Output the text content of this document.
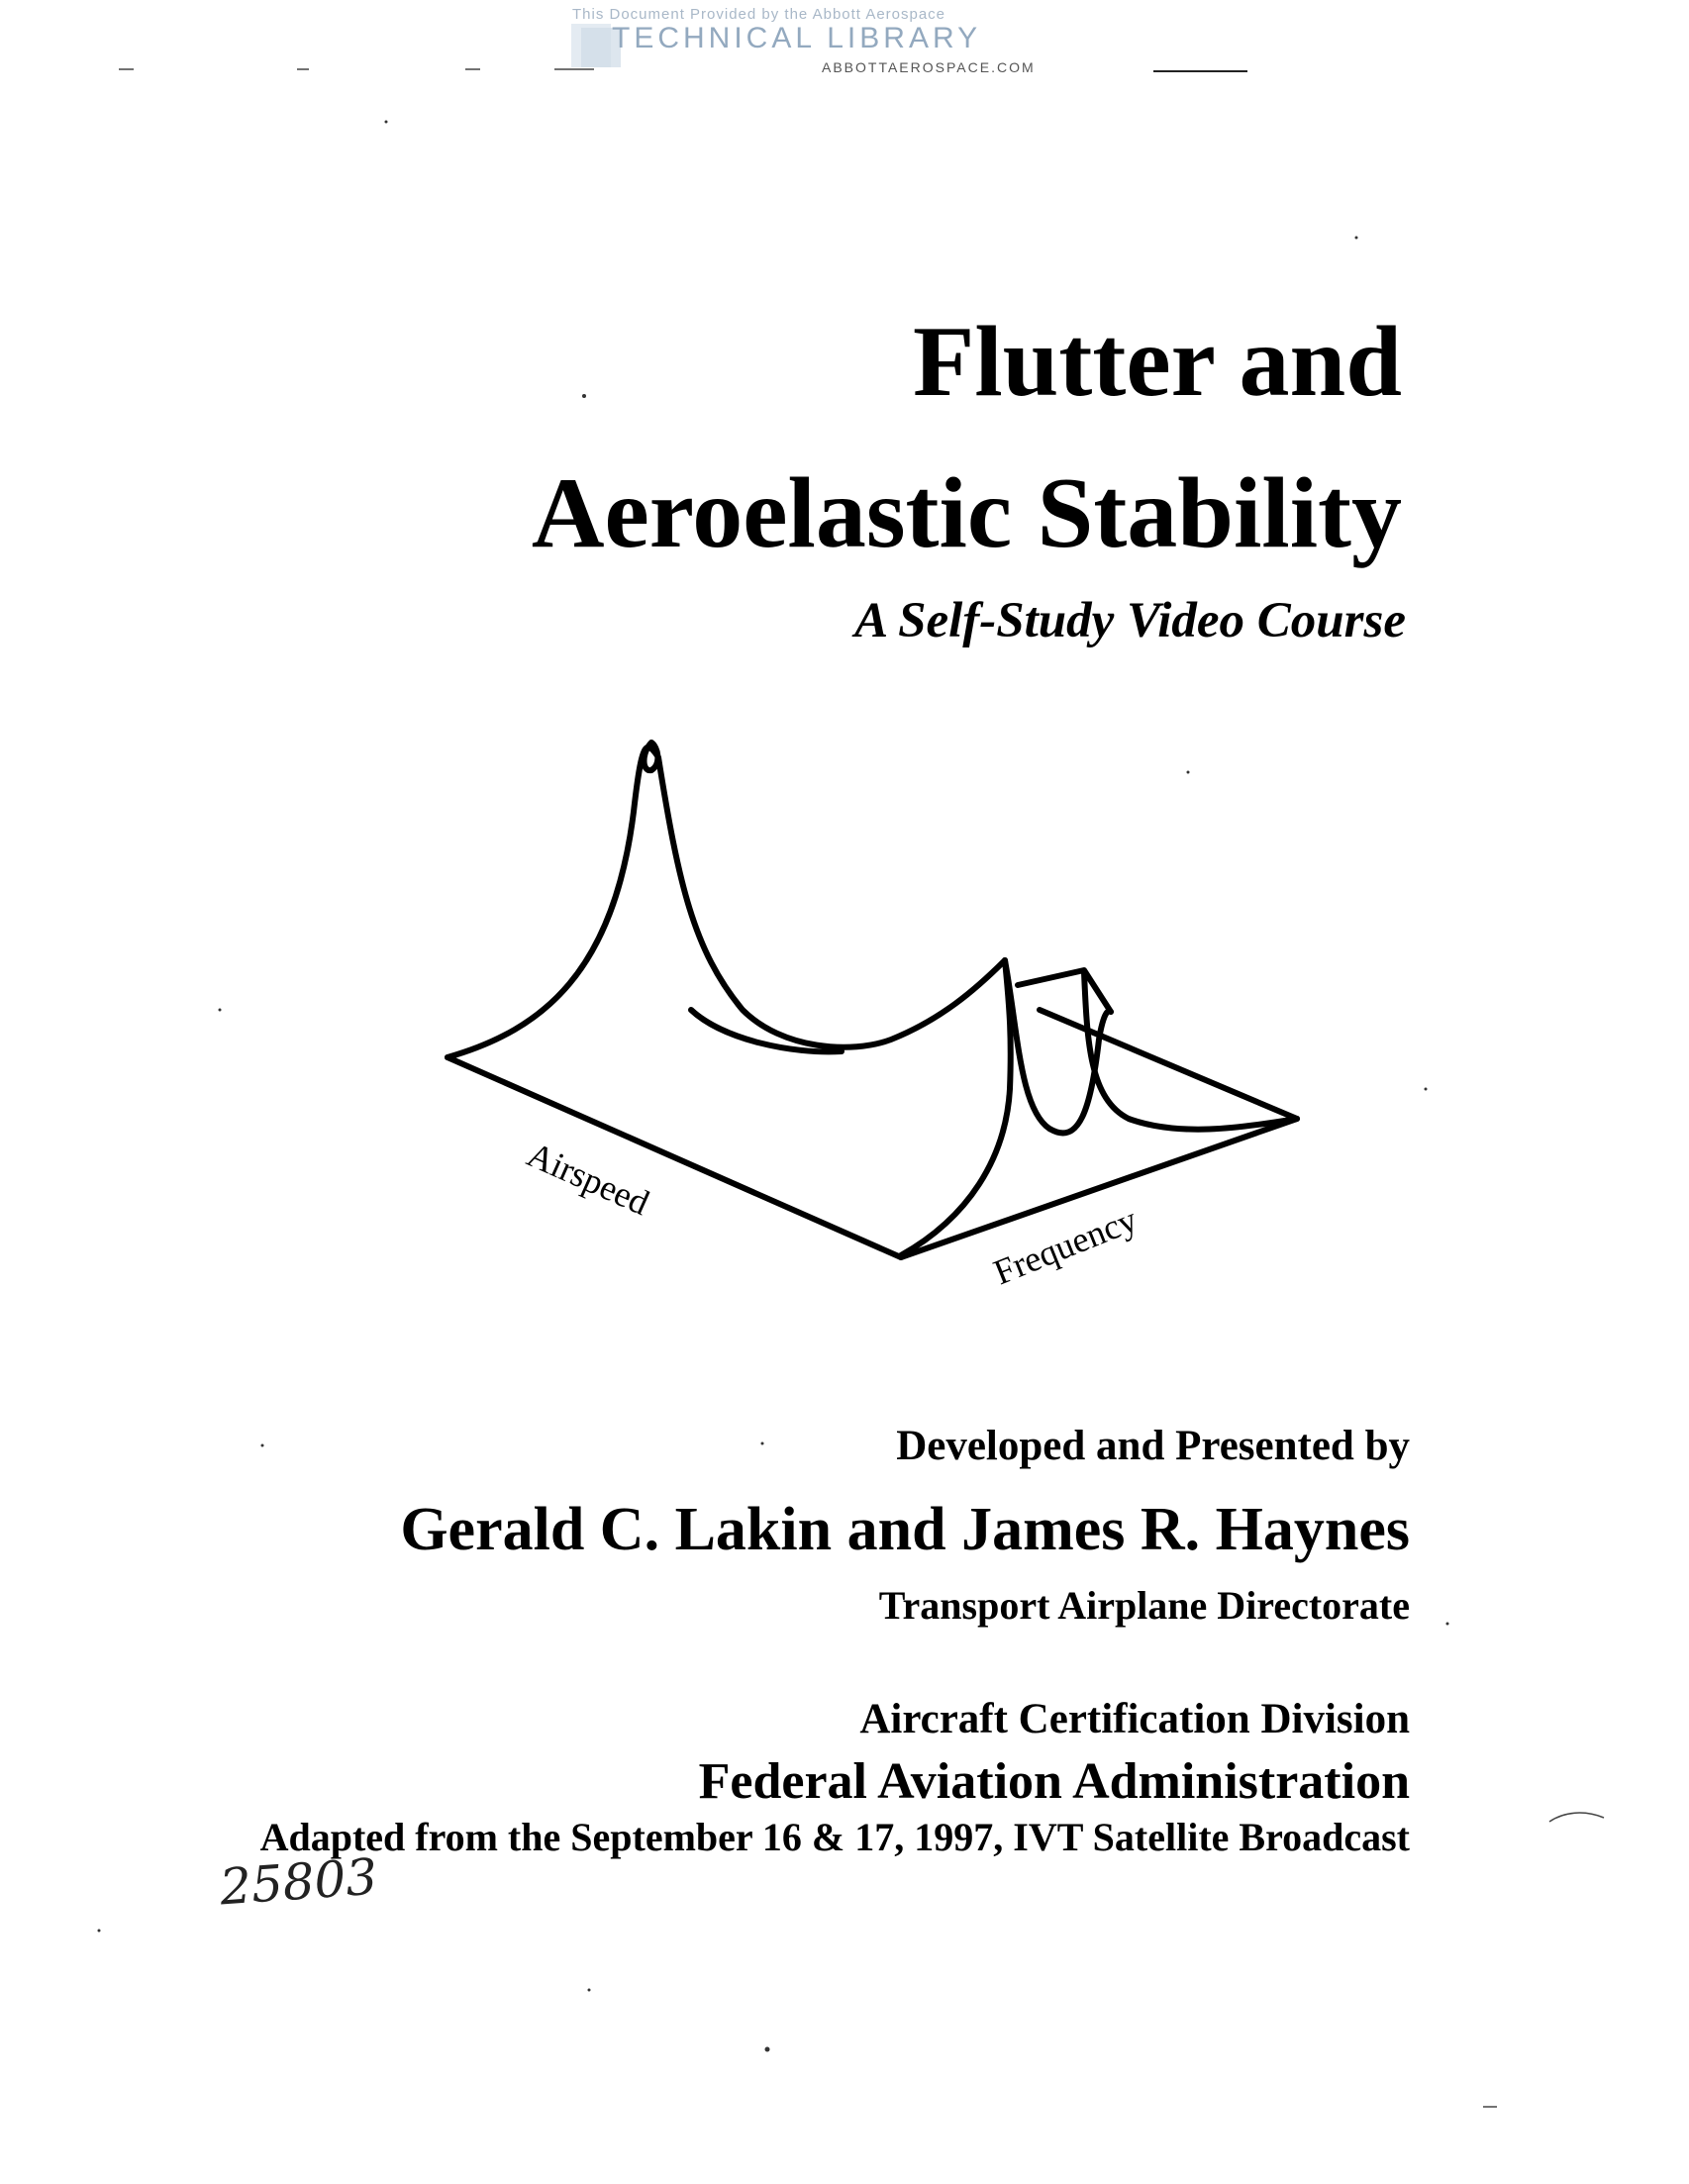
This Document Provided by the Abbott Aerospace
TECHNICAL LIBRARY
ABBOTTAEROSPACE.COM
Flutter and
Aeroelastic Stability
A Self-Study Video Course
Airspeed
Frequency
Developed and Presented by
Gerald C. Lakin and James R. Haynes
Transport Airplane Directorate
Aircraft Certification Division
Federal Aviation Administration
Adapted from the September 16 & 17, 1997, IVT Satellite Broadcast
25803
